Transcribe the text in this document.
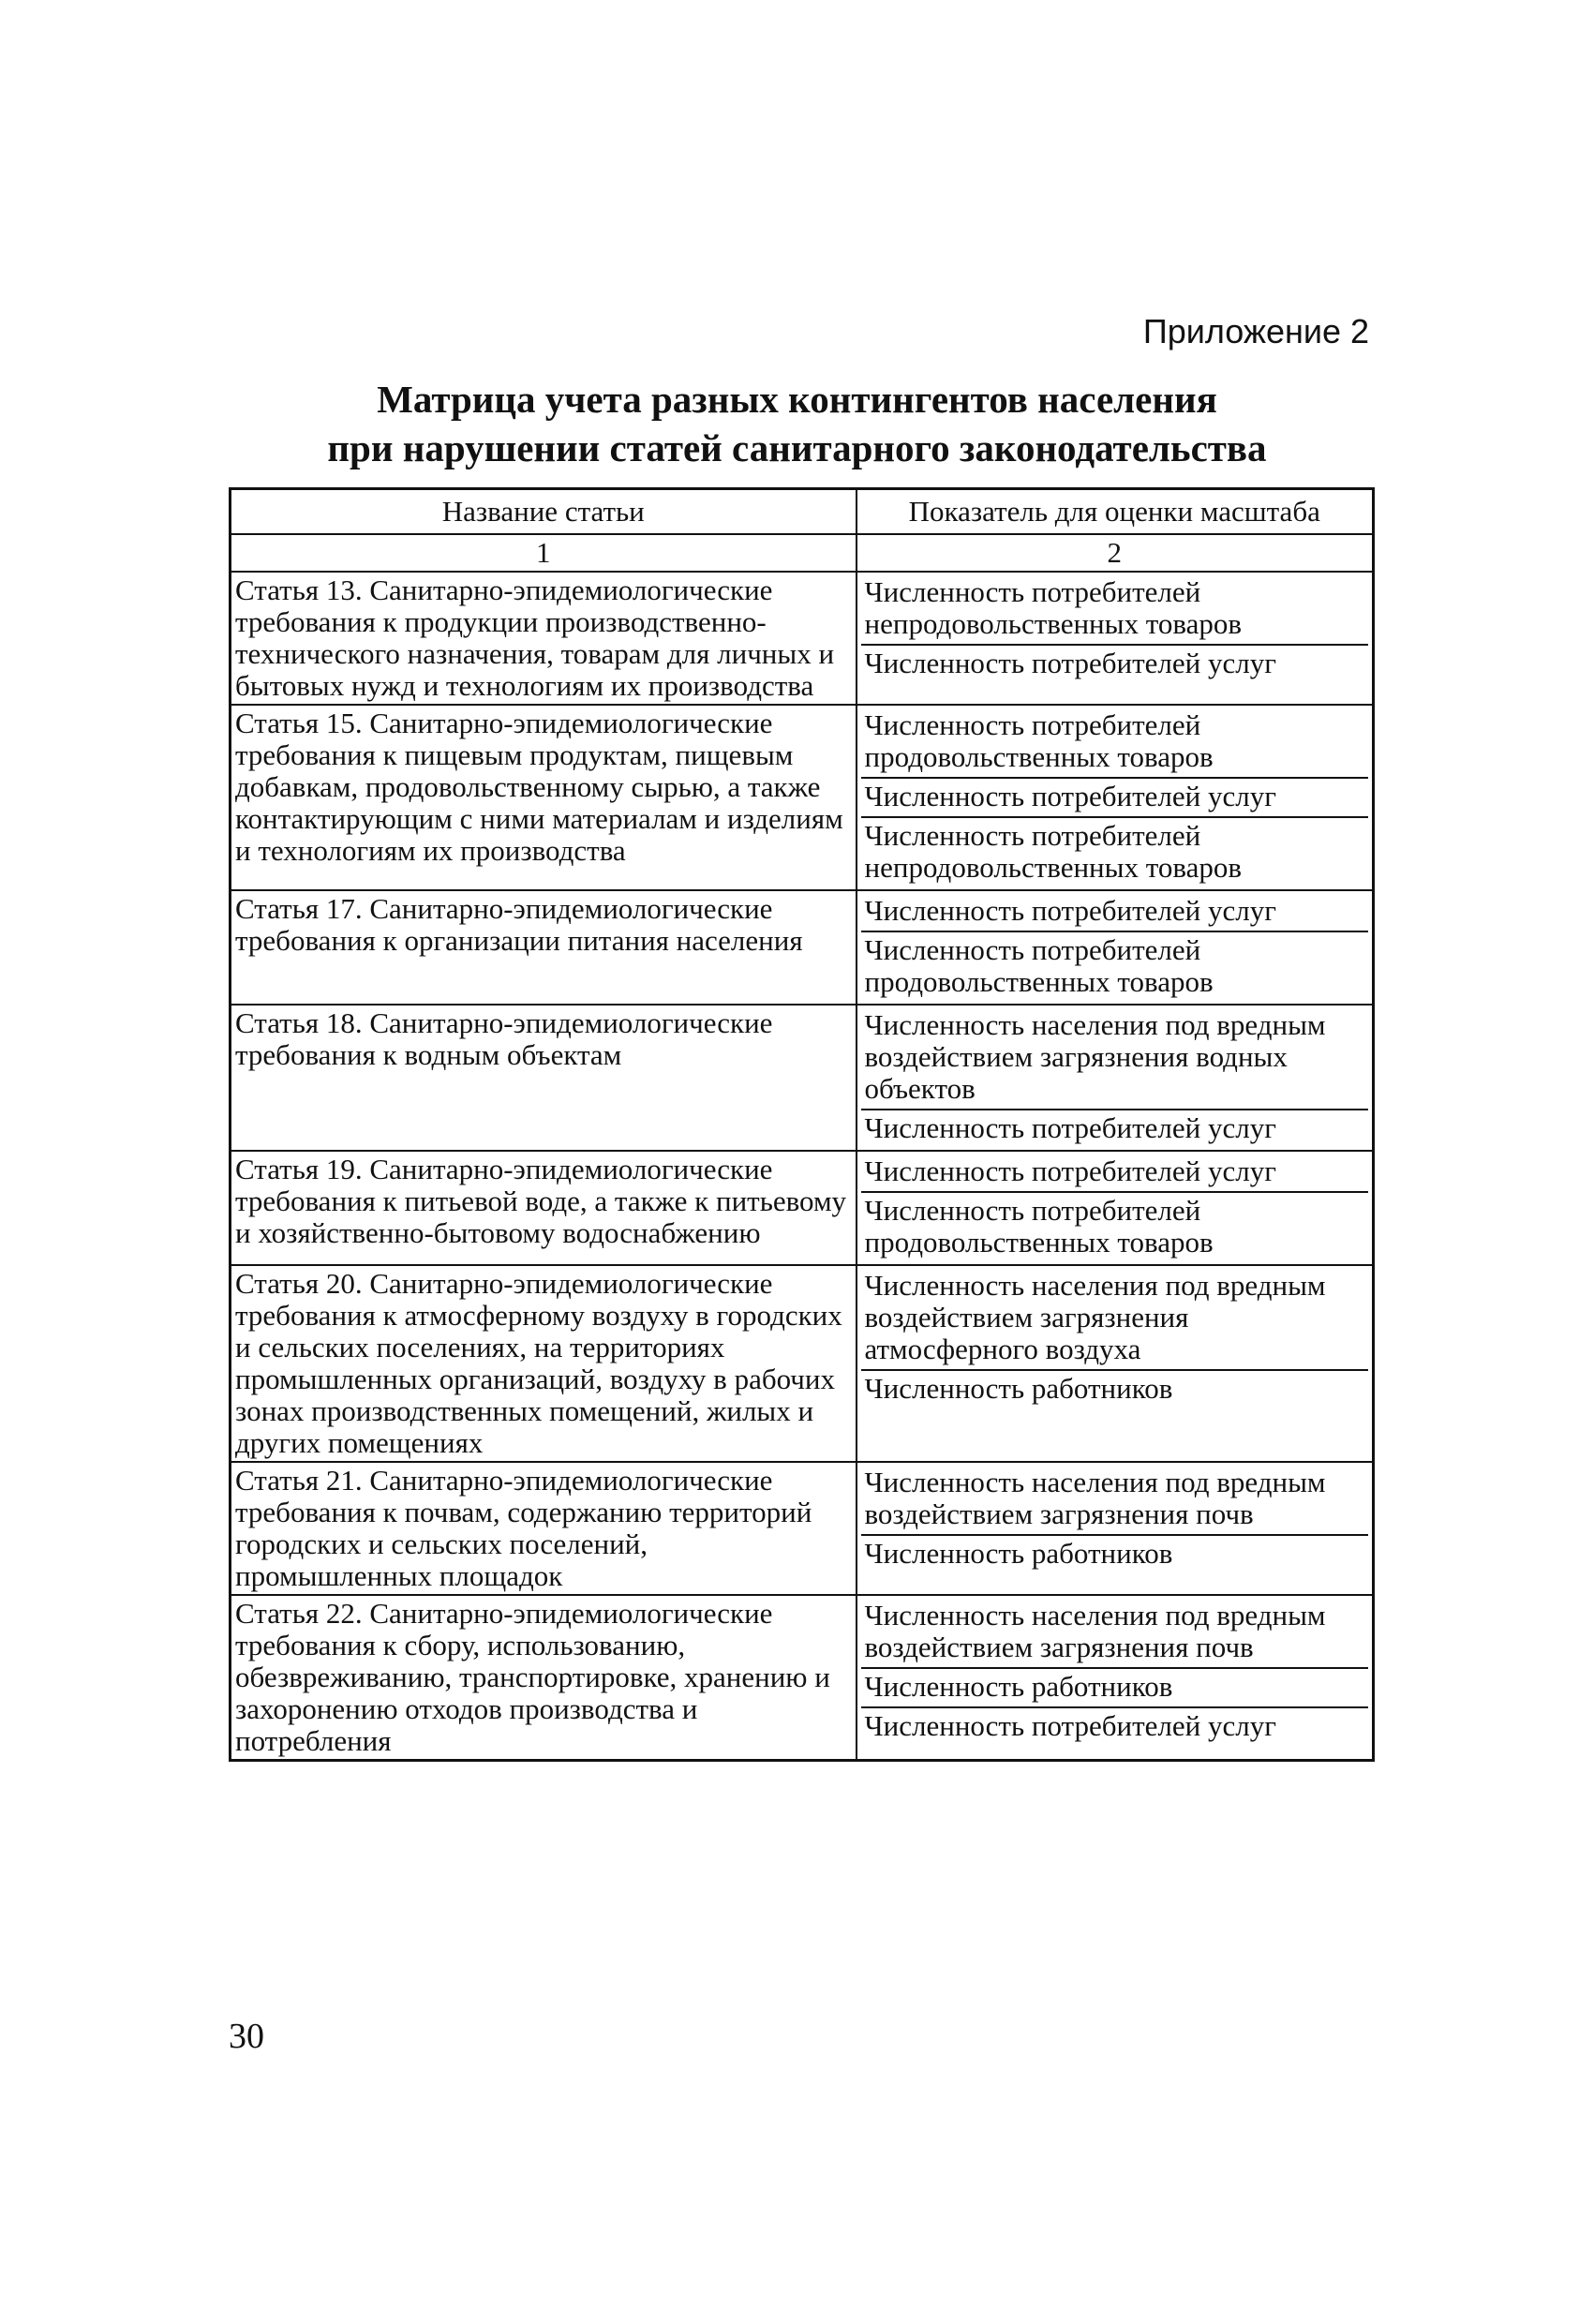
Приложение 2
Матрица учета разных контингентов населения
при нарушении статей санитарного законодательства
Название статьи	Показатель для оценки масштаба
1	2
Статья 13. Санитарно-эпидемиологические требования к продукции производственно-технического назначения, товарам для личных и бытовых нужд и технологиям их производства	Численность потребителей непродовольственных товаров
Численность потребителей услуг

Статья 15. Санитарно-эпидемиологические требования к пищевым продуктам, пищевым добавкам, продовольственному сырью, а также контактирующим с ними материалам и изделиям и технологиям их производства	Численность потребителей продовольственных товаров
Численность потребителей услуг
Численность потребителей непродовольственных товаров

Статья 17. Санитарно-эпидемиологические требования к организации питания населения	Численность потребителей услуг
Численность потребителей продовольственных товаров

Статья 18. Санитарно-эпидемиологические требования к водным объектам	Численность населения под вредным воздействием загрязнения водных объектов
Численность потребителей услуг

Статья 19. Санитарно-эпидемиологические требования к питьевой воде, а также к питьевому и хозяйственно-бытовому водоснабжению	Численность потребителей услуг
Численность потребителей продовольственных товаров

Статья 20. Санитарно-эпидемиологические требования к атмосферному воздуху в городских и сельских поселениях, на территориях промышленных организаций, воздуху в рабочих зонах производственных помещений, жилых и других помещениях	Численность населения под вредным воздействием загрязнения атмосферного воздуха
Численность работников

Статья 21. Санитарно-эпидемиологические требования к почвам, содержанию территорий городских и сельских поселений, промышленных площадок	Численность населения под вредным воздействием загрязнения почв
Численность работников

Статья 22. Санитарно-эпидемиологические требования к сбору, использованию, обезвреживанию, транспортировке, хранению и захоронению отходов производства и потребления	Численность населения под вредным воздействием загрязнения почв
Численность работников
Численность потребителей услуг
30
